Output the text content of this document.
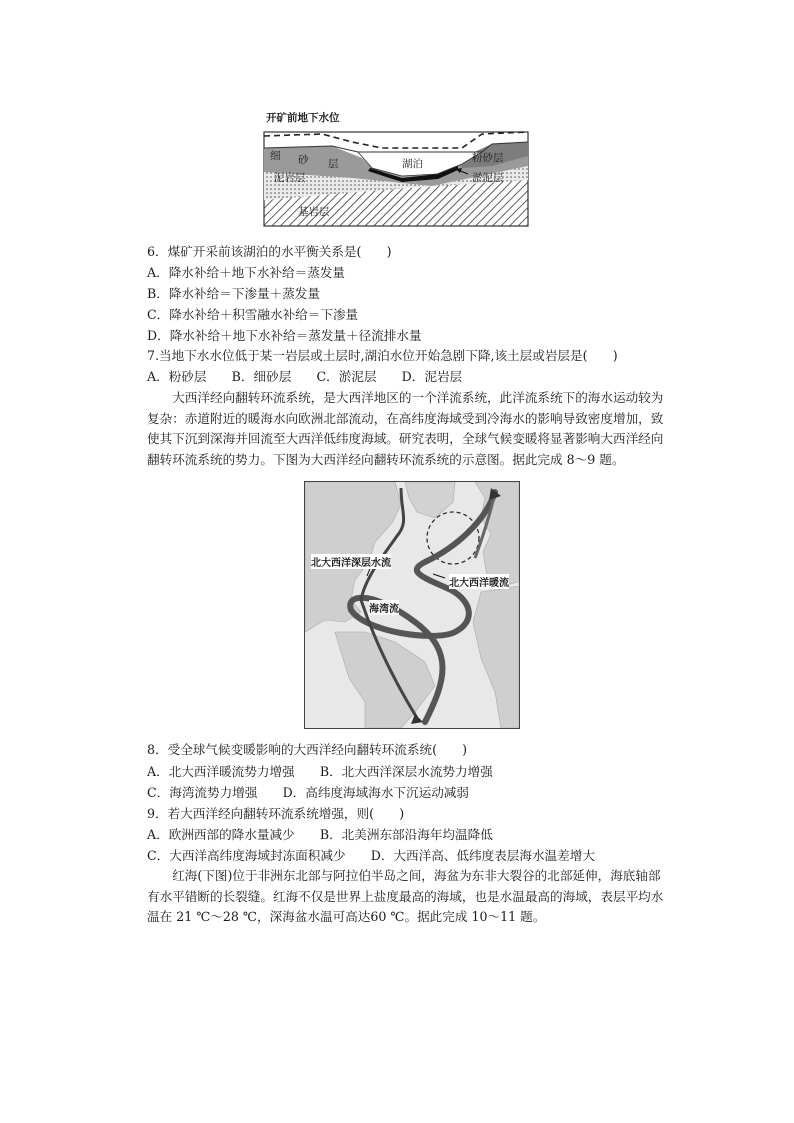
开矿前地下水位
细 砂 层	湖泊	粉砂层
泥岩层	淤泥层
基岩层
6．煤矿开采前该湖泊的水平衡关系是(　　)
A．降水补给＋地下水补给＝蒸发量
B．降水补给＝下渗量＋蒸发量
C．降水补给＋积雪融水补给＝下渗量
D．降水补给＋地下水补给＝蒸发量＋径流排水量
7.当地下水水位低于某一岩层或土层时,湖泊水位开始急剧下降,该土层或岩层是(　　)
A．粉砂层　　B．细砂层　　C．淤泥层　　D．泥岩层
大西洋经向翻转环流系统，是大西洋地区的一个洋流系统，此洋流系统下的海水运动较为复杂：赤道附近的暖海水向欧洲北部流动，在高纬度海域受到冷海水的影响导致密度增加，致使其下沉到深海并回流至大西洋低纬度海域。研究表明，全球气候变暖将显著影响大西洋经向翻转环流系统的势力。下图为大西洋经向翻转环流系统的示意图。据此完成 8～9 题。
北大西洋深层水流
北大西洋暖流
海湾流
8．受全球气候变暖影响的大西洋经向翻转环流系统(　　)
A．北大西洋暖流势力增强　　B．北大西洋深层水流势力增强
C．海湾流势力增强　　D．高纬度海域海水下沉运动减弱
9．若大西洋经向翻转环流系统增强，则(　　)
A．欧洲西部的降水量减少　　B．北美洲东部沿海年均温降低
C．大西洋高纬度海域封冻面积减少　　D．大西洋高、低纬度表层海水温差增大
红海(下图)位于非洲东北部与阿拉伯半岛之间，海盆为东非大裂谷的北部延伸，海底轴部有水平错断的长裂缝。红海不仅是世界上盐度最高的海域，也是水温最高的海域，表层平均水温在 21 ℃～28 ℃，深海盆水温可高达60 ℃。据此完成 10～11 题。
